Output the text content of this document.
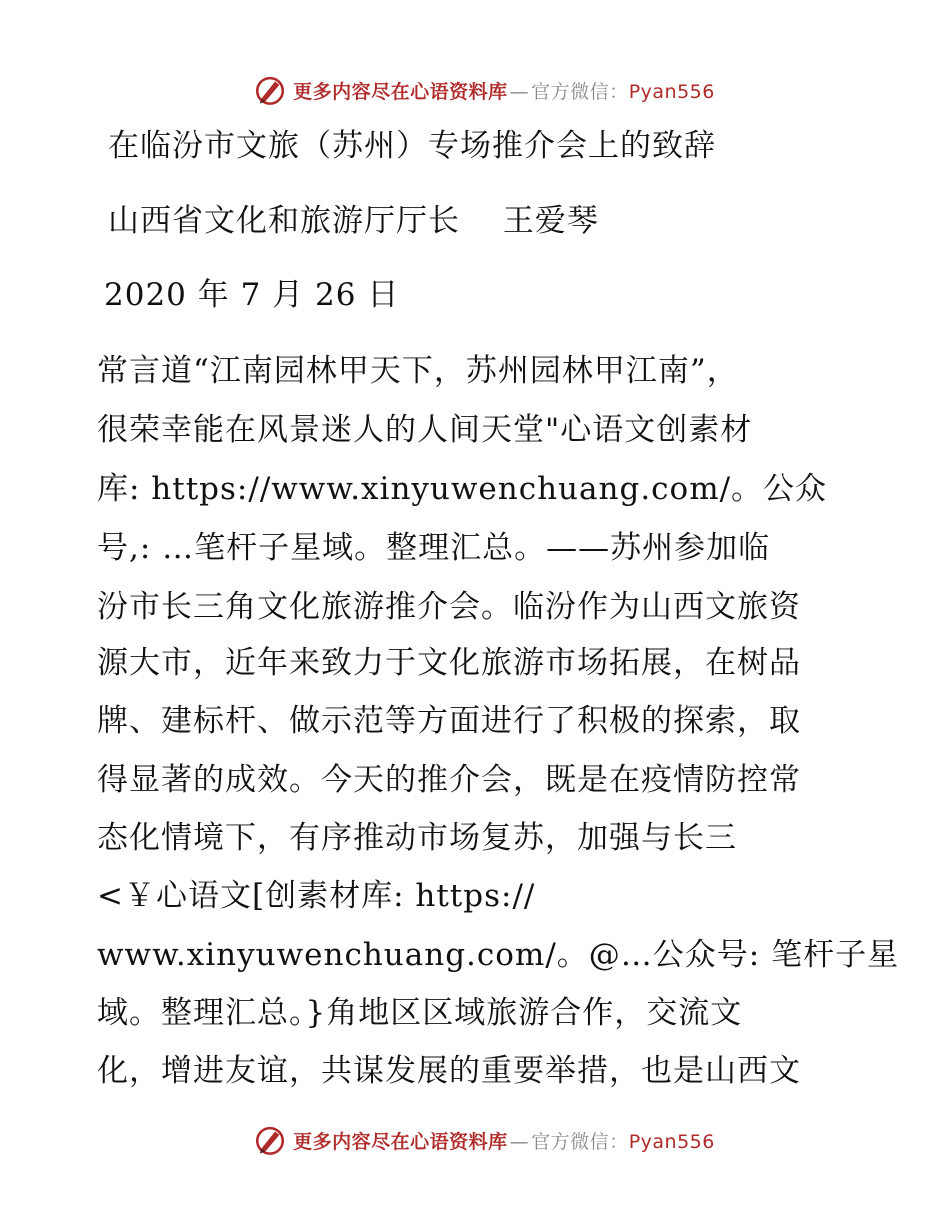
更多内容尽在心语资料库 — 官方微信：Pyan556
在临汾市文旅（苏州）专场推介会上的致辞
山西省文化和旅游厅厅长　 王爱琴
2020 年 7 月 26 日
常言道“江南园林甲天下，苏州园林甲江南”，
很荣幸能在风景迷人的人间天堂"心语文创素材
库: https://www.xinyuwenchuang.com/。公众
号,: …笔杆子星域。整理汇总。——苏州参加临
汾市长三角文化旅游推介会。临汾作为山西文旅资
源大市，近年来致力于文化旅游市场拓展，在树品
牌、建标杆、做示范等方面进行了积极的探索，取
得显著的成效。今天的推介会，既是在疫情防控常
态化情境下，有序推动市场复苏，加强与长三
<￥心语文[创素材库: https://
www.xinyuwenchuang.com/。@…公众号: 笔杆子星
域。整理汇总。}角地区区域旅游合作，交流文
化，增进友谊，共谋发展的重要举措，也是山西文
更多内容尽在心语资料库 — 官方微信：Pyan556
